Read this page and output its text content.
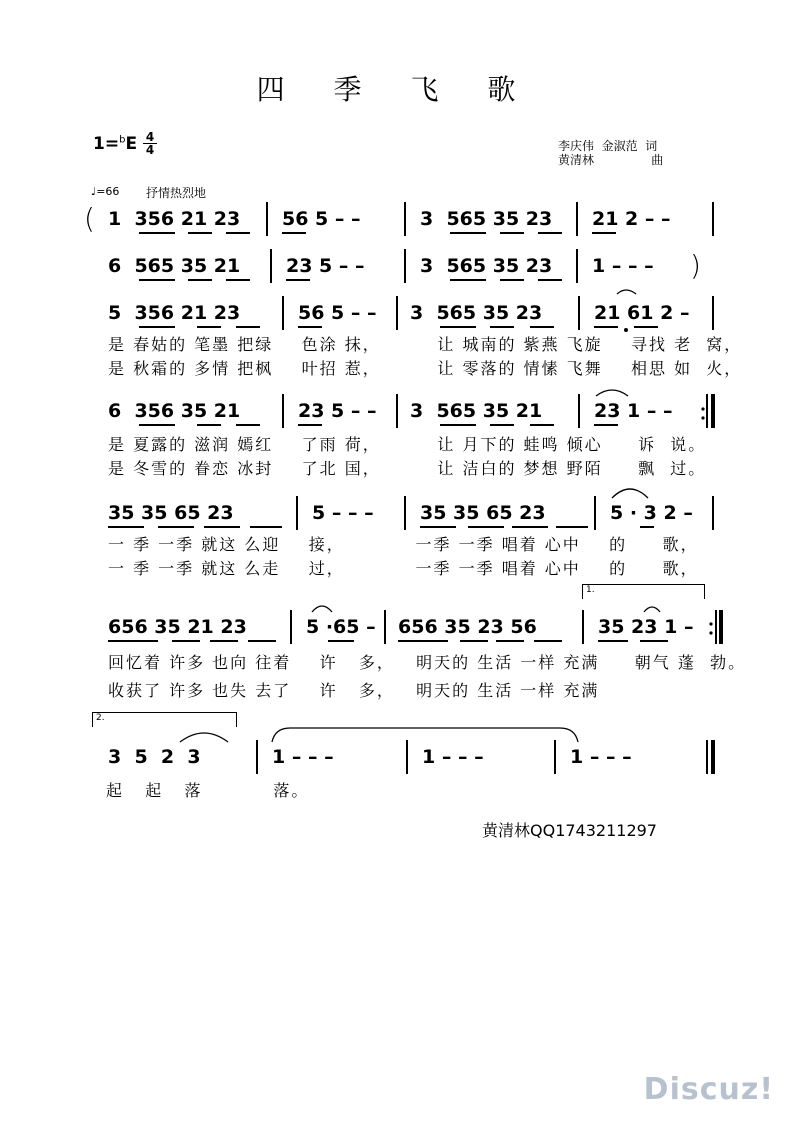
四 季 飞 歌
1=$^b$E 4
4	李庆伟  金淑范  词
黄清林               曲
♩=66 抒情热烈地
( 1  356 21 23 56 5 – –	3  565 35 23 21 2 – –
6  565 35 21 23 5 – –	3  565 35 23 1 – – – )
5  356 21 23	56 5 – – 3  565 35 23	21 61 2 –
是 春姑的 笔墨 把绿    色涂 抹，        让 城南的 紫燕 飞旋    寻找 老  窝，
是 秋霜的 多情 把枫    叶招 惹，        让 零落的 情愫 飞舞    相思 如  火，
6  356 35 21	23 5 – – 3  565 35 21	23 1 – –
是 夏露的 滋润 嫣红    了雨 荷，        让 月下的 蛙鸣 倾心     诉  说。
是 冬雪的 眷恋 冰封    了北 国，        让 洁白的 梦想 野陌     飘  过。
35 35 65 23	5 – – – 35 35 65 23	5 · 3 2 –
一 季 一季 就这 么迎    接，          一季 一季 唱着 心中    的     歌，
一 季 一季 就这 么走    过，          一季 一季 唱着 心中    的     歌，
1.
656 35 21 23	5 ·65 – 656 35 23 56	35 23 1 –
回忆着 许多 也向 往着    许   多，   明天的 生活 一样 充满     朝气 蓬  勃。
收获了 许多 也失 去了    许   多，   明天的 生活 一样 充满
2.
3  5  2  3	1 – – –	1 – – –	1 – – –
起   起   落          落。
黄清林QQ1743211297
Discuz!
